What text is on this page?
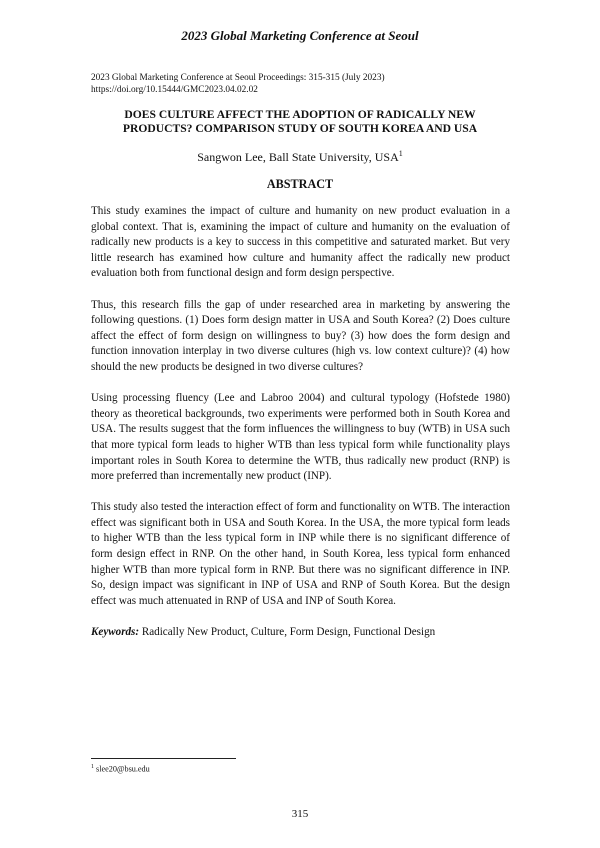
2023 Global Marketing Conference at Seoul
2023 Global Marketing Conference at Seoul Proceedings: 315-315 (July 2023)
https://doi.org/10.15444/GMC2023.04.02.02
DOES CULTURE AFFECT THE ADOPTION OF RADICALLY NEW
PRODUCTS? COMPARISON STUDY OF SOUTH KOREA AND USA
Sangwon Lee, Ball State University, USA$^1$
ABSTRACT

This study examines the impact of culture and humanity on new product evaluation in a global context. That is, examining the impact of culture and humanity on the evaluation of radically new products is a key to success in this competitive and saturated market. But very little research has examined how culture and humanity affect the radically new product evaluation both from functional design and form design perspective.

Thus, this research fills the gap of under researched area in marketing by answering the following questions. (1) Does form design matter in USA and South Korea? (2) Does culture affect the effect of form design on willingness to buy? (3) how does the form design and function innovation interplay in two diverse cultures (high vs. low context culture)? (4) how should the new products be designed in two diverse cultures?

Using processing fluency (Lee and Labroo 2004) and cultural typology (Hofstede 1980) theory as theoretical backgrounds, two experiments were performed both in South Korea and USA. The results suggest that the form influences the willingness to buy (WTB) in USA such that more typical form leads to higher WTB than less typical form while functionality plays important roles in South Korea to determine the WTB, thus radically new product (RNP) is more preferred than incrementally new product (INP).

This study also tested the interaction effect of form and functionality on WTB. The interaction effect was significant both in USA and South Korea. In the USA, the more typical form leads to higher WTB than the less typical form in INP while there is no significant difference of form design effect in RNP. On the other hand, in South Korea, less typical form enhanced higher WTB than more typical form in RNP. But there was no significant difference in INP. So, design impact was significant in INP of USA and RNP of South Korea. But the design effect was much attenuated in RNP of USA and INP of South Korea.

Keywords: Radically New Product, Culture, Form Design, Functional Design

$^1$ slee20@bsu.edu
315
